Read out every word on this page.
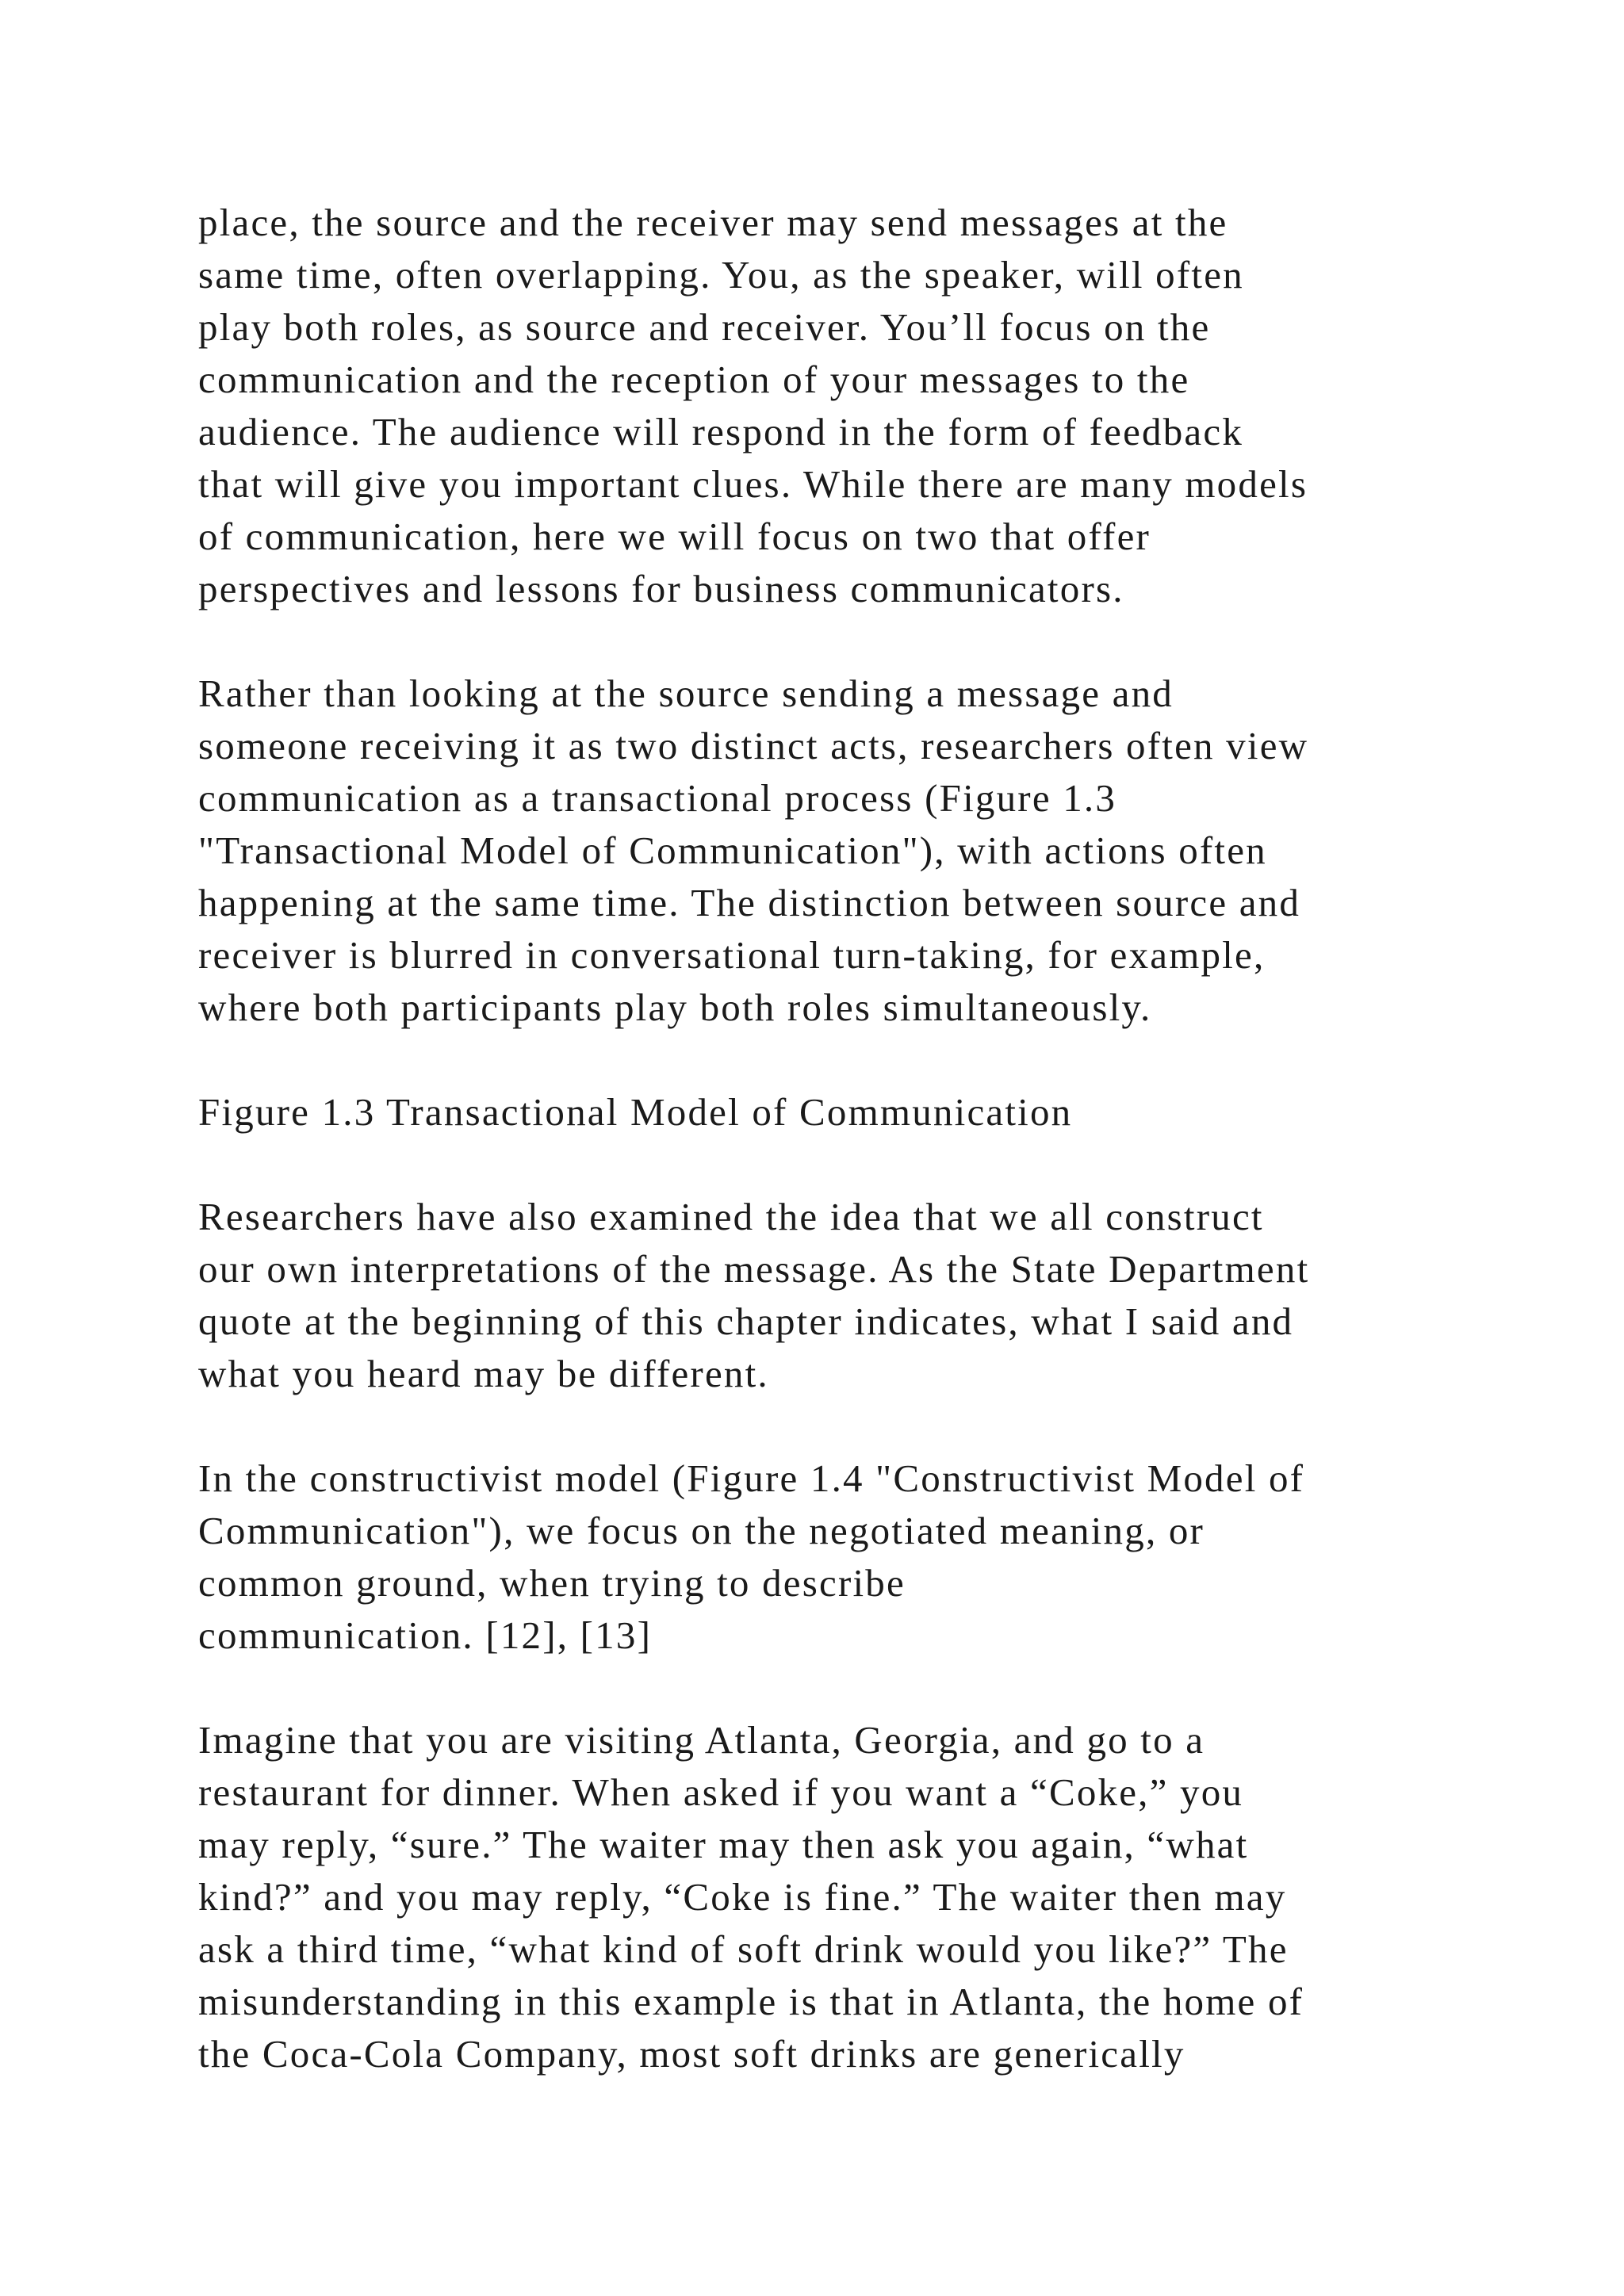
place, the source and the receiver may send messages at the
same time, often overlapping. You, as the speaker, will often
play both roles, as source and receiver. You’ll focus on the
communication and the reception of your messages to the
audience. The audience will respond in the form of feedback
that will give you important clues. While there are many models
of communication, here we will focus on two that offer
perspectives and lessons for business communicators.
Rather than looking at the source sending a message and
someone receiving it as two distinct acts, researchers often view
communication as a transactional process (Figure 1.3
"Transactional Model of Communication"), with actions often
happening at the same time. The distinction between source and
receiver is blurred in conversational turn-taking, for example,
where both participants play both roles simultaneously.
Figure 1.3 Transactional Model of Communication
Researchers have also examined the idea that we all construct
our own interpretations of the message. As the State Department
quote at the beginning of this chapter indicates, what I said and
what you heard may be different.
In the constructivist model (Figure 1.4 "Constructivist Model of
Communication"), we focus on the negotiated meaning, or
common ground, when trying to describe
communication. [12], [13]
Imagine that you are visiting Atlanta, Georgia, and go to a
restaurant for dinner. When asked if you want a “Coke,” you
may reply, “sure.” The waiter may then ask you again, “what
kind?” and you may reply, “Coke is fine.” The waiter then may
ask a third time, “what kind of soft drink would you like?” The
misunderstanding in this example is that in Atlanta, the home of
the Coca-Cola Company, most soft drinks are generically
